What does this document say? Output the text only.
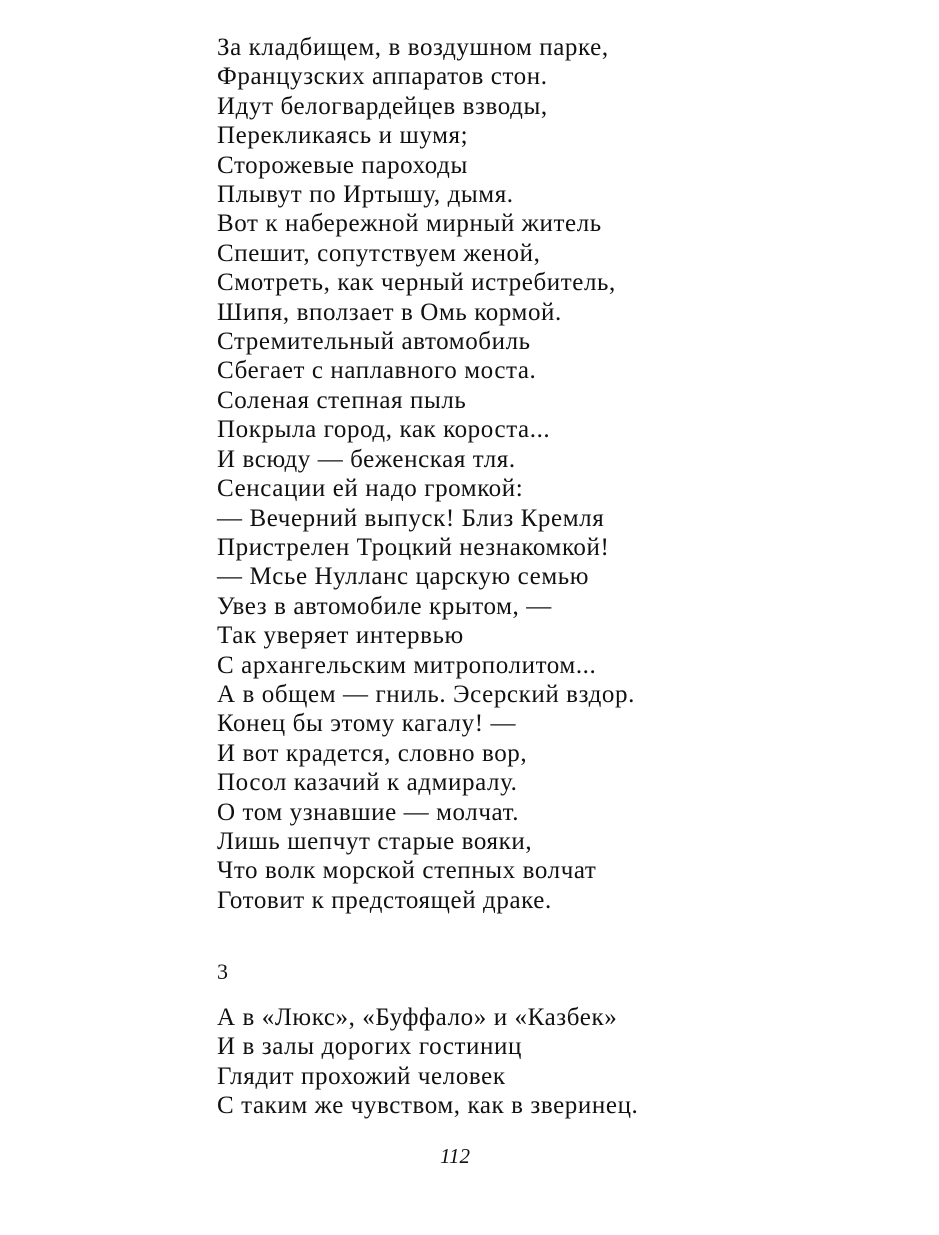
За кладбищем, в воздушном парке,
Французских аппаратов стон.
Идут белогвардейцев взводы,
Перекликаясь и шумя;
Сторожевые пароходы
Плывут по Иртышу, дымя.
Вот к набережной мирный житель
Спешит, сопутствуем женой,
Смотреть, как черный истребитель,
Шипя, вползает в Омь кормой.
Стремительный автомобиль
Сбегает с наплавного моста.
Соленая степная пыль
Покрыла город, как короста...
И всюду — беженская тля.
Сенсации ей надо громкой:
— Вечерний выпуск! Близ Кремля
Пристрелен Троцкий незнакомкой!
— Мсье Нулланс царскую семью
Увез в автомобиле крытом, —
Так уверяет интервью
С архангельским митрополитом...
А в общем — гниль. Эсерский вздор.
Конец бы этому кагалу! —
И вот крадется, словно вор,
Посол казачий к адмиралу.
О том узнавшие — молчат.
Лишь шепчут старые вояки,
Что волк морской степных волчат
Готовит к предстоящей драке.
3
А в «Люкс», «Буффало» и «Казбек»
И в залы дорогих гостиниц
Глядит прохожий человек
С таким же чувством, как в зверинец.
112
